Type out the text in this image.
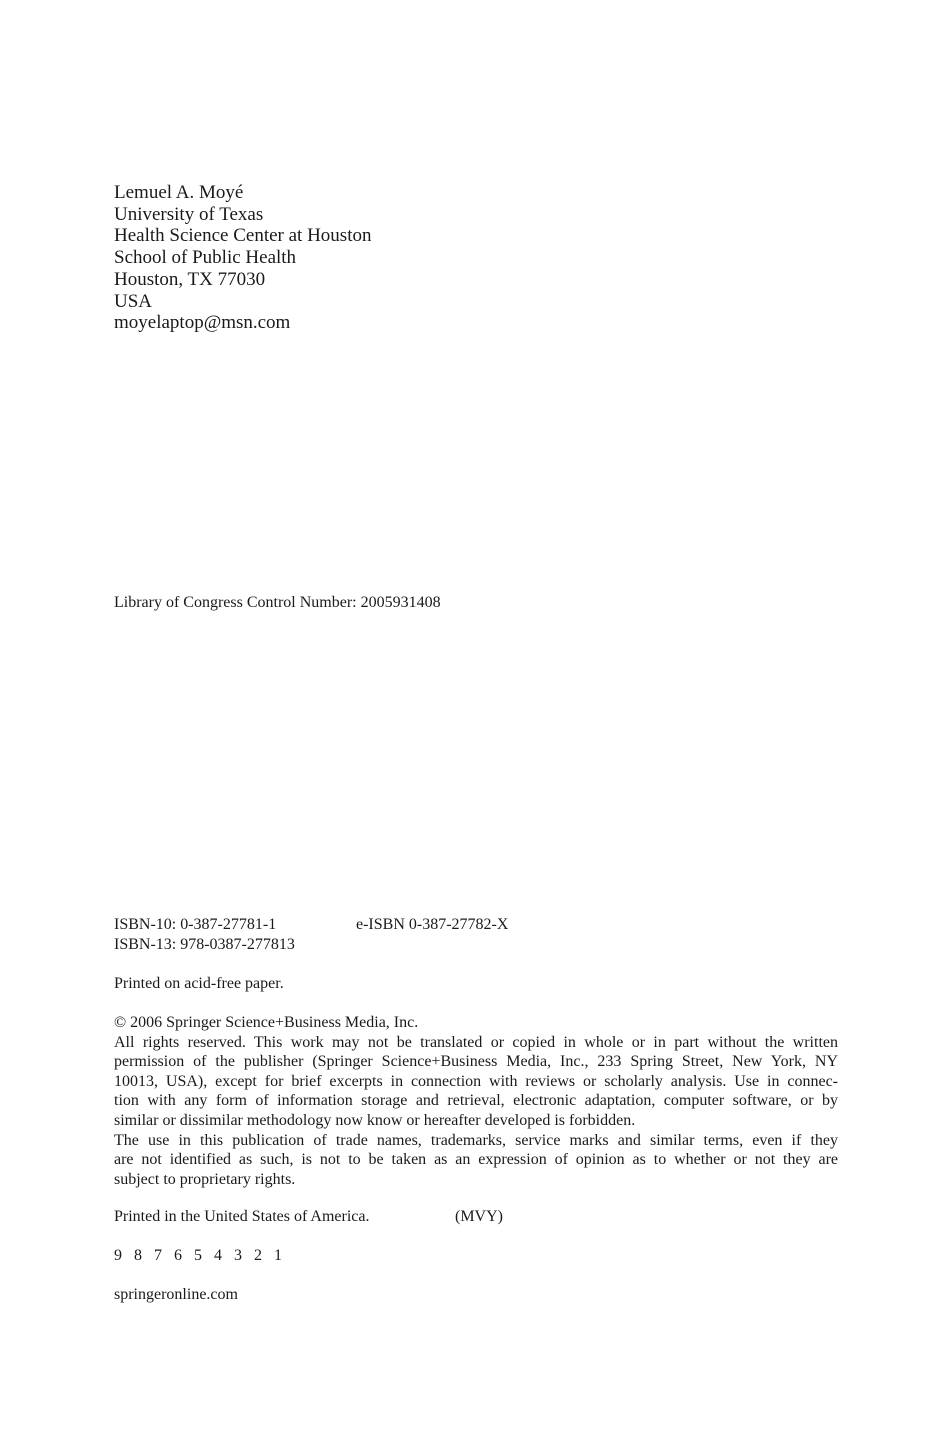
Lemuel A. Moyé
University of Texas
Health Science Center at Houston
School of Public Health
Houston, TX 77030
USA
moyelaptop@msn.com
Library of Congress Control Number: 2005931408
ISBN-10: 0-387-27781-1	e-ISBN 0-387-27782-X
ISBN-13: 978-0387-277813
Printed on acid-free paper.
© 2006 Springer Science+Business Media, Inc.
All rights reserved. This work may not be translated or copied in whole or in part without the written
permission of the publisher (Springer Science+Business Media, Inc., 233 Spring Street, New York, NY
10013, USA), except for brief excerpts in connection with reviews or scholarly analysis. Use in connec-
tion with any form of information storage and retrieval, electronic adaptation, computer software, or by
similar or dissimilar methodology now know or hereafter developed is forbidden.
The use in this publication of trade names, trademarks, service marks and similar terms, even if they
are not identified as such, is not to be taken as an expression of opinion as to whether or not they are
subject to proprietary rights.
Printed in the United States of America.	(MVY)
9 8 7 6 5 4 3 2 1
springeronline.com
